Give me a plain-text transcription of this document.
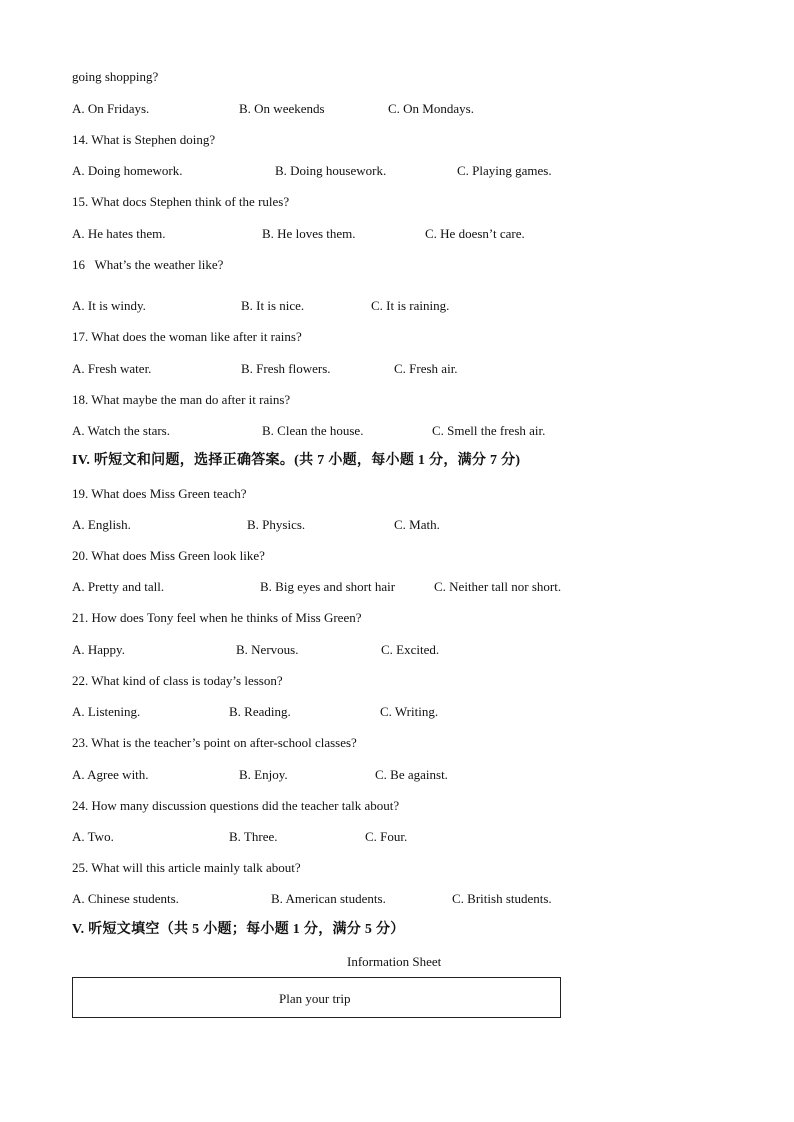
going shopping?
A. On Fridays.	B. On weekends	C. On Mondays.
14. What is Stephen doing?
A. Doing homework.	B. Doing housework.	C. Playing games.
15. What docs Stephen think of the rules?
A. He hates them.	B. He loves them.	C. He doesn’t care.
16   What’s the weather like?
A. It is windy.	B. It is nice.	C. It is raining.
17. What does the woman like after it rains?
A. Fresh water.	B. Fresh flowers.	C. Fresh air.
18. What maybe the man do after it rains?
A. Watch the stars.	B. Clean the house.	C. Smell the fresh air.
IV. 听短文和问题，选择正确答案。(共 7 小题，每小题 1 分，满分 7 分)
19. What does Miss Green teach?
A. English.	B. Physics.	C. Math.
20. What does Miss Green look like?
A. Pretty and tall.	B. Big eyes and short hair	C. Neither tall nor short.
21. How does Tony feel when he thinks of Miss Green?
A. Happy.	B. Nervous.	C. Excited.
22. What kind of class is today’s lesson?
A. Listening.	B. Reading.	C. Writing.
23. What is the teacher’s point on after-school classes?
A. Agree with.	B. Enjoy.	C. Be against.
24. How many discussion questions did the teacher talk about?
A. Two.	B. Three.	C. Four.
25. What will this article mainly talk about?
A. Chinese students.	B. American students.	C. British students.
V. 听短文填空（共 5 小题；每小题 1 分，满分 5 分）
Information Sheet
Plan your trip
